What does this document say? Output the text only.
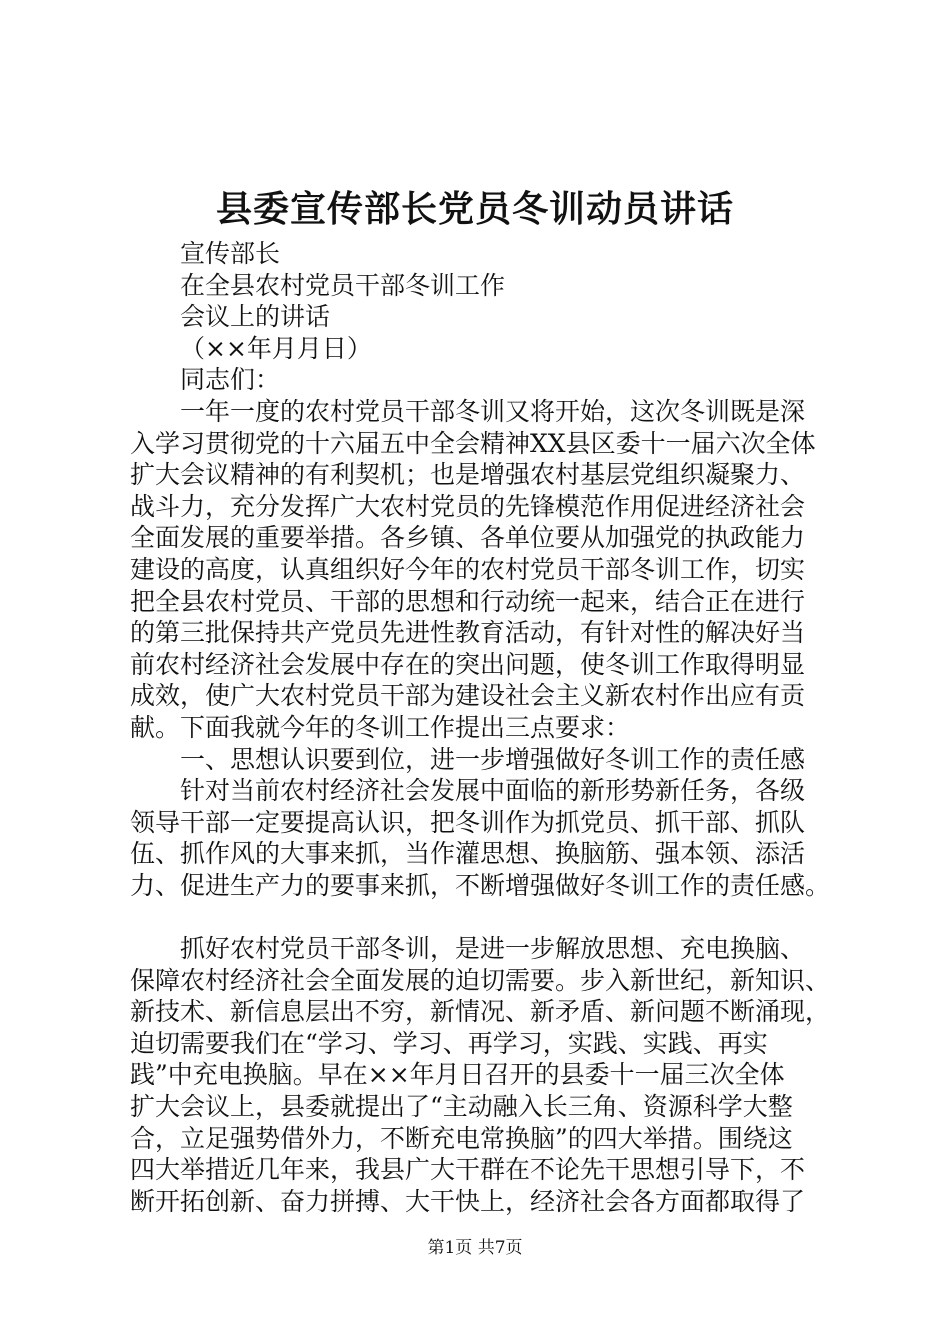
县委宣传部长党员冬训动员讲话
宣传部长
在全县农村党员干部冬训工作
会议上的讲话
（××年月月日）
同志们：
一年一度的农村党员干部冬训又将开始，这次冬训既是深
入学习贯彻党的十六届五中全会精神XX县区委十一届六次全体
扩大会议精神的有利契机；也是增强农村基层党组织凝聚力、
战斗力，充分发挥广大农村党员的先锋模范作用促进经济社会
全面发展的重要举措。各乡镇、各单位要从加强党的执政能力
建设的高度，认真组织好今年的农村党员干部冬训工作，切实
把全县农村党员、干部的思想和行动统一起来，结合正在进行
的第三批保持共产党员先进性教育活动，有针对性的解决好当
前农村经济社会发展中存在的突出问题，使冬训工作取得明显
成效，使广大农村党员干部为建设社会主义新农村作出应有贡
献。下面我就今年的冬训工作提出三点要求：
一、思想认识要到位，进一步增强做好冬训工作的责任感
针对当前农村经济社会发展中面临的新形势新任务，各级
领导干部一定要提高认识，把冬训作为抓党员、抓干部、抓队
伍、抓作风的大事来抓，当作灌思想、换脑筋、强本领、添活
力、促进生产力的要事来抓，不断增强做好冬训工作的责任感。
抓好农村党员干部冬训，是进一步解放思想、充电换脑、
保障农村经济社会全面发展的迫切需要。步入新世纪，新知识、
新技术、新信息层出不穷，新情况、新矛盾、新问题不断涌现，
迫切需要我们在“学习、学习、再学习，实践、实践、再实
践”中充电换脑。早在××年月日召开的县委十一届三次全体
扩大会议上，县委就提出了“主动融入长三角、资源科学大整
合，立足强势借外力，不断充电常换脑”的四大举措。围绕这
四大举措近几年来，我县广大干群在不论先干思想引导下，不
断开拓创新、奋力拼搏、大干快上，经济社会各方面都取得了
第1页 共7页
